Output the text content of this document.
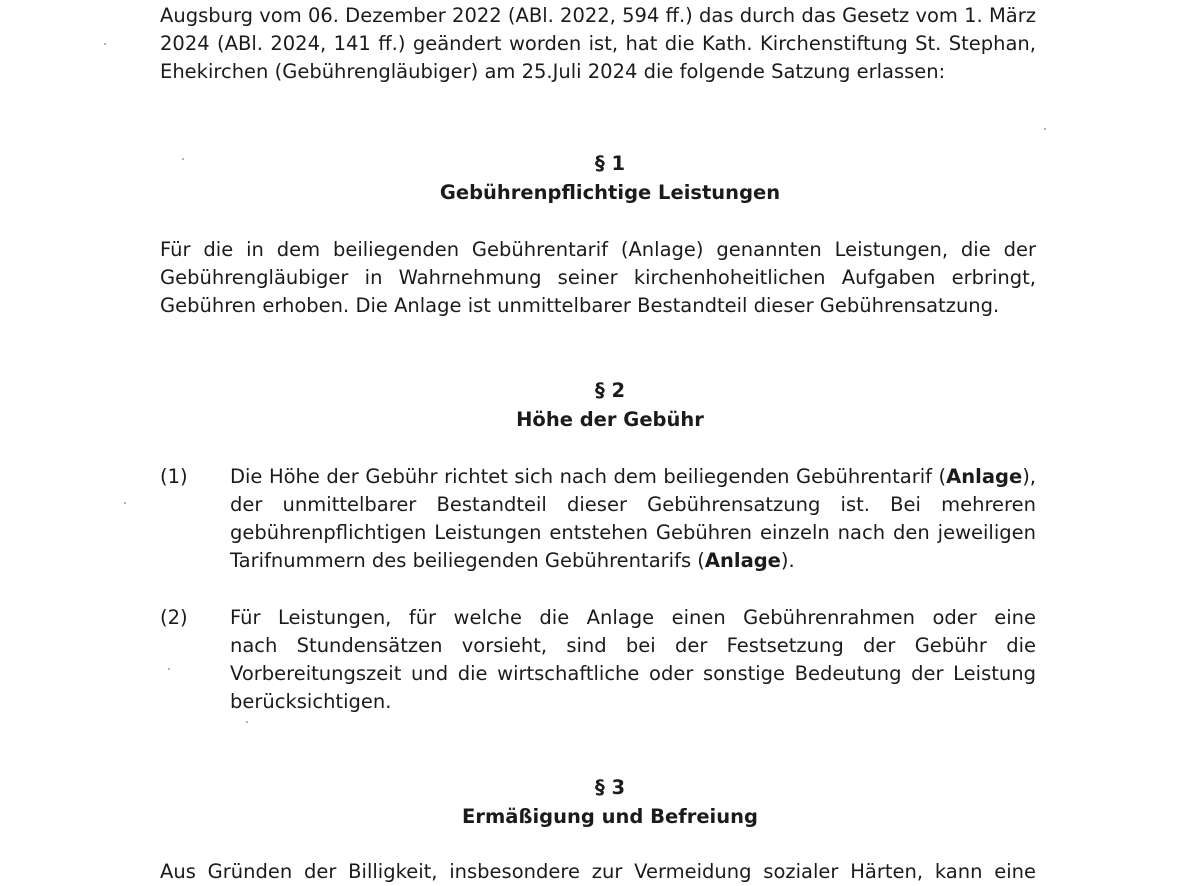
Augsburg vom 06. Dezember 2022 (ABl. 2022, 594 ff.) das durch das Gesetz vom 1. März
2024 (ABl. 2024, 141 ff.) geändert worden ist, hat die Kath. Kirchenstiftung St. Stephan,
Ehekirchen (Gebührengläubiger) am 25.Juli 2024 die folgende Satzung erlassen:
§ 1
Gebührenpflichtige Leistungen
Für die in dem beiliegenden Gebührentarif (Anlage) genannten Leistungen, die der
Gebührengläubiger in Wahrnehmung seiner kirchenhoheitlichen Aufgaben erbringt,
Gebühren erhoben. Die Anlage ist unmittelbarer Bestandteil dieser Gebührensatzung.
§ 2
Höhe der Gebühr
(1) Die Höhe der Gebühr richtet sich nach dem beiliegenden Gebührentarif (Anlage),
der unmittelbarer Bestandteil dieser Gebührensatzung ist. Bei mehreren
gebührenpflichtigen Leistungen entstehen Gebühren einzeln nach den jeweiligen
Tarifnummern des beiliegenden Gebührentarifs (Anlage).
(2) Für Leistungen, für welche die Anlage einen Gebührenrahmen oder eine
nach Stundensätzen vorsieht, sind bei der Festsetzung der Gebühr die
Vorbereitungszeit und die wirtschaftliche oder sonstige Bedeutung der Leistung
berücksichtigen.
§ 3
Ermäßigung und Befreiung
Aus Gründen der Billigkeit, insbesondere zur Vermeidung sozialer Härten, kann eine
